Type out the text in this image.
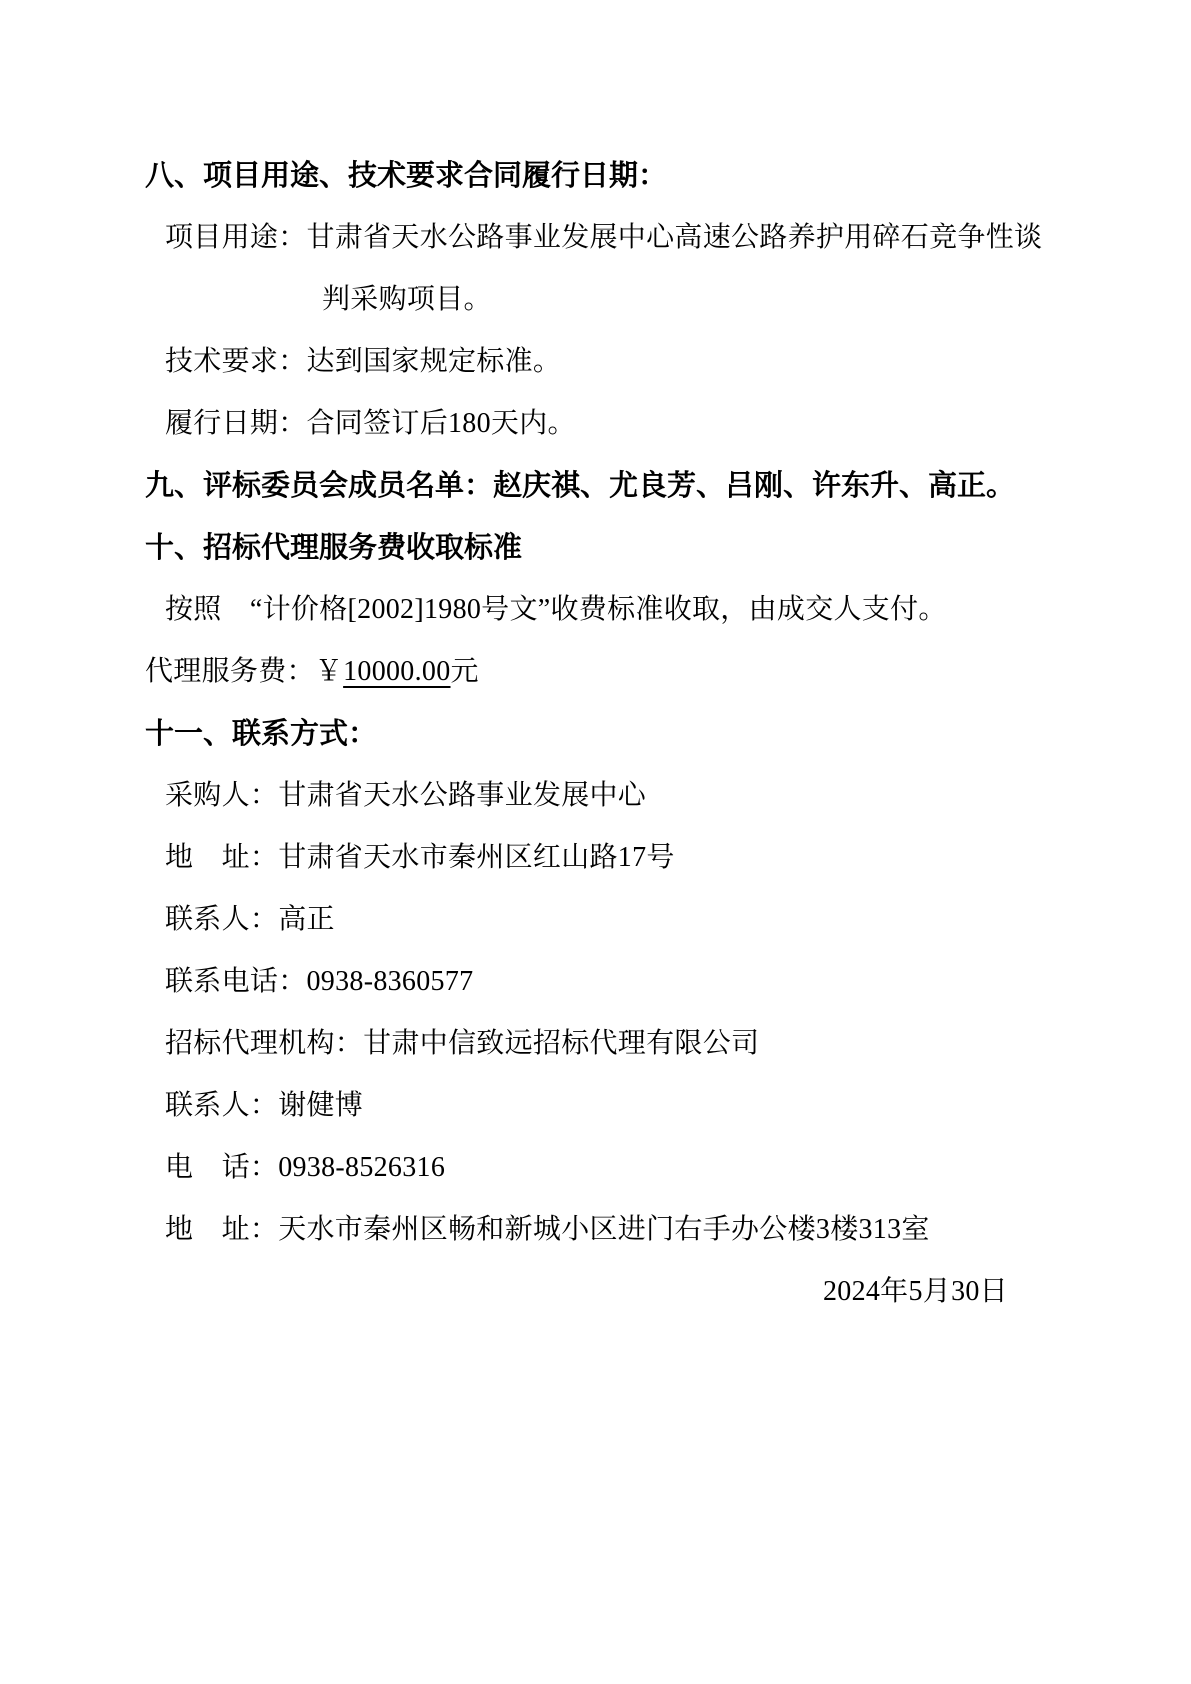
八、项目用途、技术要求合同履行日期：
项目用途：甘肃省天水公路事业发展中心高速公路养护用碎石竞争性谈
判采购项目。
技术要求：达到国家规定标准。
履行日期：合同签订后180天内。
九、评标委员会成员名单：赵庆祺、尤良芳、吕刚、许东升、高正。
十、招标代理服务费收取标准
按照　“计价格[2002]1980号文”收费标准收取，由成交人支付。
代理服务费：￥10000.00元
十一、联系方式：
采购人：甘肃省天水公路事业发展中心
地　址：甘肃省天水市秦州区红山路17号
联系人：高正
联系电话：0938-8360577
招标代理机构：甘肃中信致远招标代理有限公司
联系人：谢健博
电　话：0938-8526316
地　址：天水市秦州区畅和新城小区进门右手办公楼3楼313室
2024年5月30日
